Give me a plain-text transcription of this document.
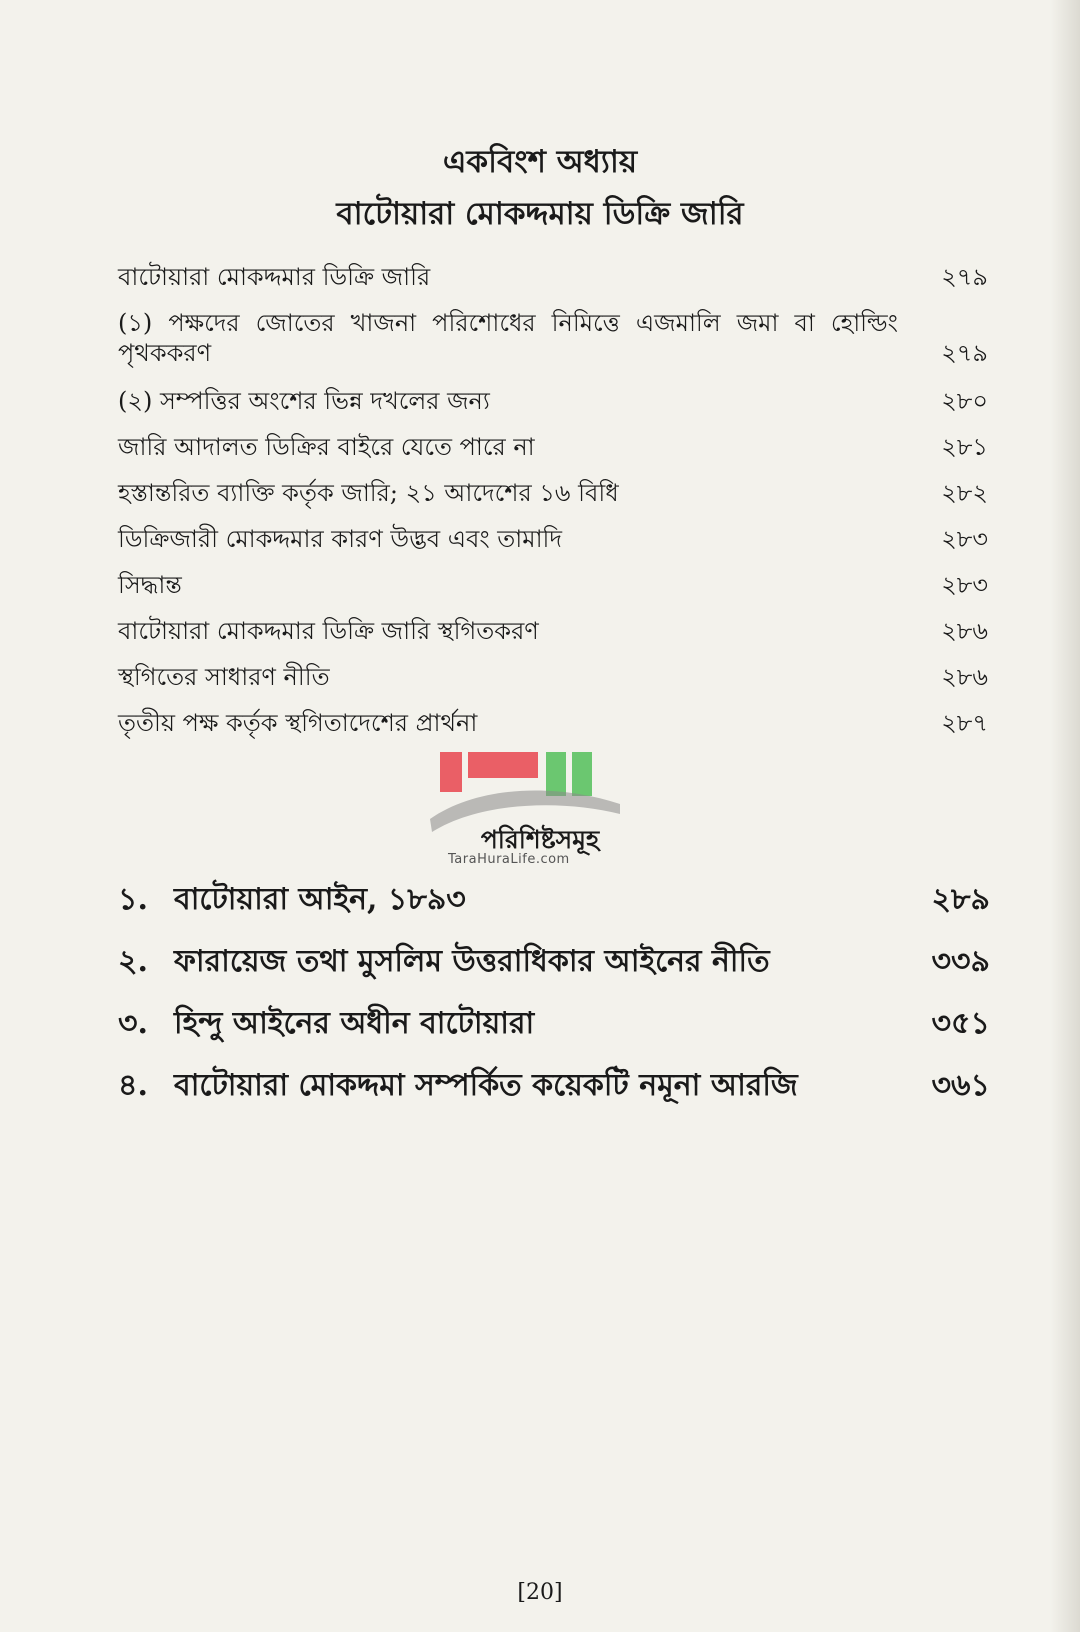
একবিংশ অধ্যায়
বাটোয়ারা মোকদ্দমায় ডিক্রি জারি
বাটোয়ারা মোকদ্দমার ডিক্রি জারি	২৭৯
(১) পক্ষদের জোতের খাজনা পরিশোধের নিমিত্তে এজমালি জমা বা হোল্ডিং পৃথককরণ	২৭৯
(২) সম্পত্তির অংশের ভিন্ন দখলের জন্য	২৮০
জারি আদালত ডিক্রির বাইরে যেতে পারে না	২৮১
হস্তান্তরিত ব্যাক্তি কর্তৃক জারি; ২১ আদেশের ১৬ বিধি	২৮২
ডিক্রিজারী মোকদ্দমার কারণ উদ্ভব এবং তামাদি	২৮৩
সিদ্ধান্ত	২৮৩
বাটোয়ারা মোকদ্দমার ডিক্রি জারি স্থগিতকরণ	২৮৬
স্থগিতের সাধারণ নীতি	২৮৬
তৃতীয় পক্ষ কর্তৃক স্থগিতাদেশের প্রার্থনা	২৮৭
পরিশিষ্টসমূহ
TaraHuraLife.com
১. বাটোয়ারা আইন, ১৮৯৩	২৮৯
২. ফারায়েজ তথা মুসলিম উত্তরাধিকার আইনের নীতি	৩৩৯
৩. হিন্দু আইনের অধীন বাটোয়ারা	৩৫১
৪. বাটোয়ারা মোকদ্দমা সম্পর্কিত কয়েকটি নমূনা আরজি	৩৬১
[20]
